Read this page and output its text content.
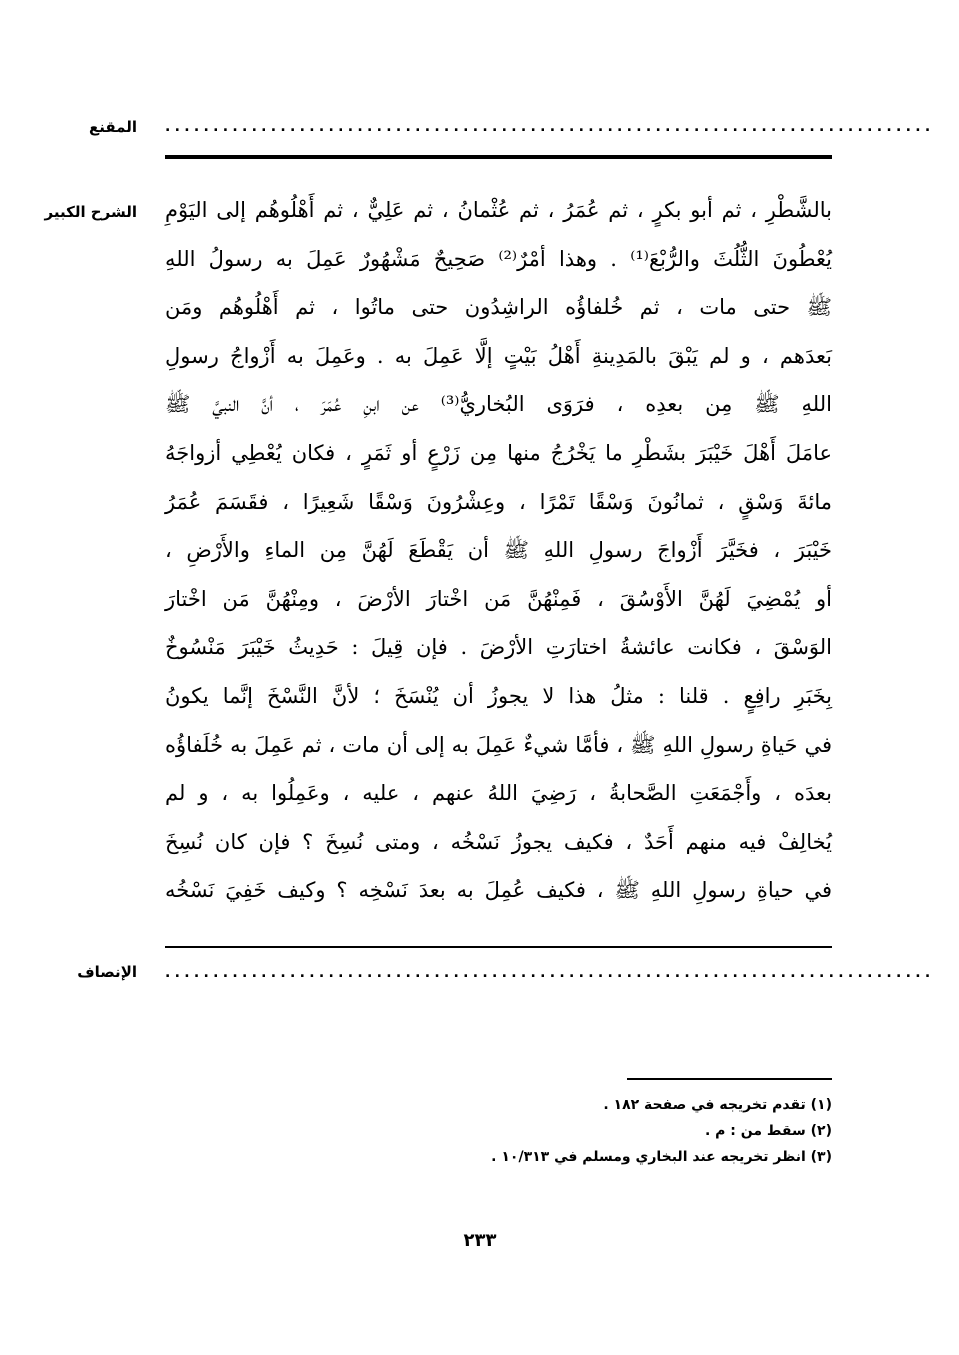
المقنع ................................................................................
الشرح الكبير بالشَّطْرِ ، ثم أبو بكرٍ ، ثم عُمَرُ ، ثم عُثْمانُ ، ثم عَلِيٌّ ، ثم أَهْلُوهُم إلى اليَوْمِ
يُعْطُونَ الثُّلُثَ والرُّبْعَ⁽¹⁾ . وهذا أمْرٌ⁽²⁾ صَحِيحٌ مَشْهُورٌ عَمِلَ به رسولُ اللهِ
ﷺ حتى مات ، ثم خُلفاؤُه الراشِدُون حتى ماتُوا ، ثم أَهْلُوهُم ومَن
بَعدَهم ، و لم يَبْقَ بالمَدِينةِ أَهْلُ بَيْتٍ إلَّا عَمِلَ به . وعَمِلَ به أَزْواجُ رسولِ
اللهِ ﷺ مِن بعدِه ، فرَوَى البُخاريُّ⁽³⁾ عن ابنِ عُمَرَ ، أنَّ النبيَّ ﷺ
عامَلَ أَهْلَ خَيْبَرَ بشَطْرِ ما يَخْرُجُ منها مِن زَرْعٍ أو ثَمَرٍ ، فكان يُعْطِي أزواجَهُ
مائةَ وَسْقٍ ، ثمانُونَ وَسْقًا تَمْرًا ، وعِشْرُونَ وَسْقًا شَعِيرًا ، فقَسَمَ عُمَرُ
خَيْبَرَ ، فخَيَّرَ أَزْواجَ رسولِ اللهِ ﷺ أن يَقْطَعَ لَهُنَّ مِن الماءِ والأَرْضِ ،
أو يُمْضِيَ لَهُنَّ الأَوْسُقَ ، فَمِنْهُنَّ مَن اخْتارَ الأرْضَ ، ومِنْهُنَّ مَن اخْتارَ
الوَسْقَ ، فكانت عائشةُ اختارَتِ الأرْضَ . فإن قِيلَ : حَدِيثُ خَيْبَرَ مَنْسُوخٌ
بِخَبَرِ رافِعٍ . قلنا : مثلُ هذا لا يجوزُ أن يُنْسَخَ ؛ لأنَّ النَّسْخَ إنَّما يكونُ
في حَياةِ رسولِ اللهِ ﷺ ، فأمَّا شيءٌ عَمِلَ به إلى أن مات ، ثم عَمِلَ به خُلَفاؤُه
بعدَه ، وأَجْمَعَتِ الصَّحابةُ ، رَضِيَ اللهُ عنهم ، عليه ، وعَمِلُوا به ، و لم
يُخالِفْ فيه منهم أَحَدٌ ، فكيف يجوزُ نَسْخُه ، ومتى نُسِخَ ؟ فإن كان نُسِخَ
في حياةِ رسولِ اللهِ ﷺ ، فكيف عُمِلَ به بعدَ نَسْخِه ؟ وكيف خَفِيَ نَسْخُه
الإنصاف ................................................................................
(١) تقدم تخريجه في صفحة ١٨٢ .
(٢) سقط من : م .
(٣) انظر تخريجه عند البخاري ومسلم في ١٠/٣١٣ .
٢٣٣
